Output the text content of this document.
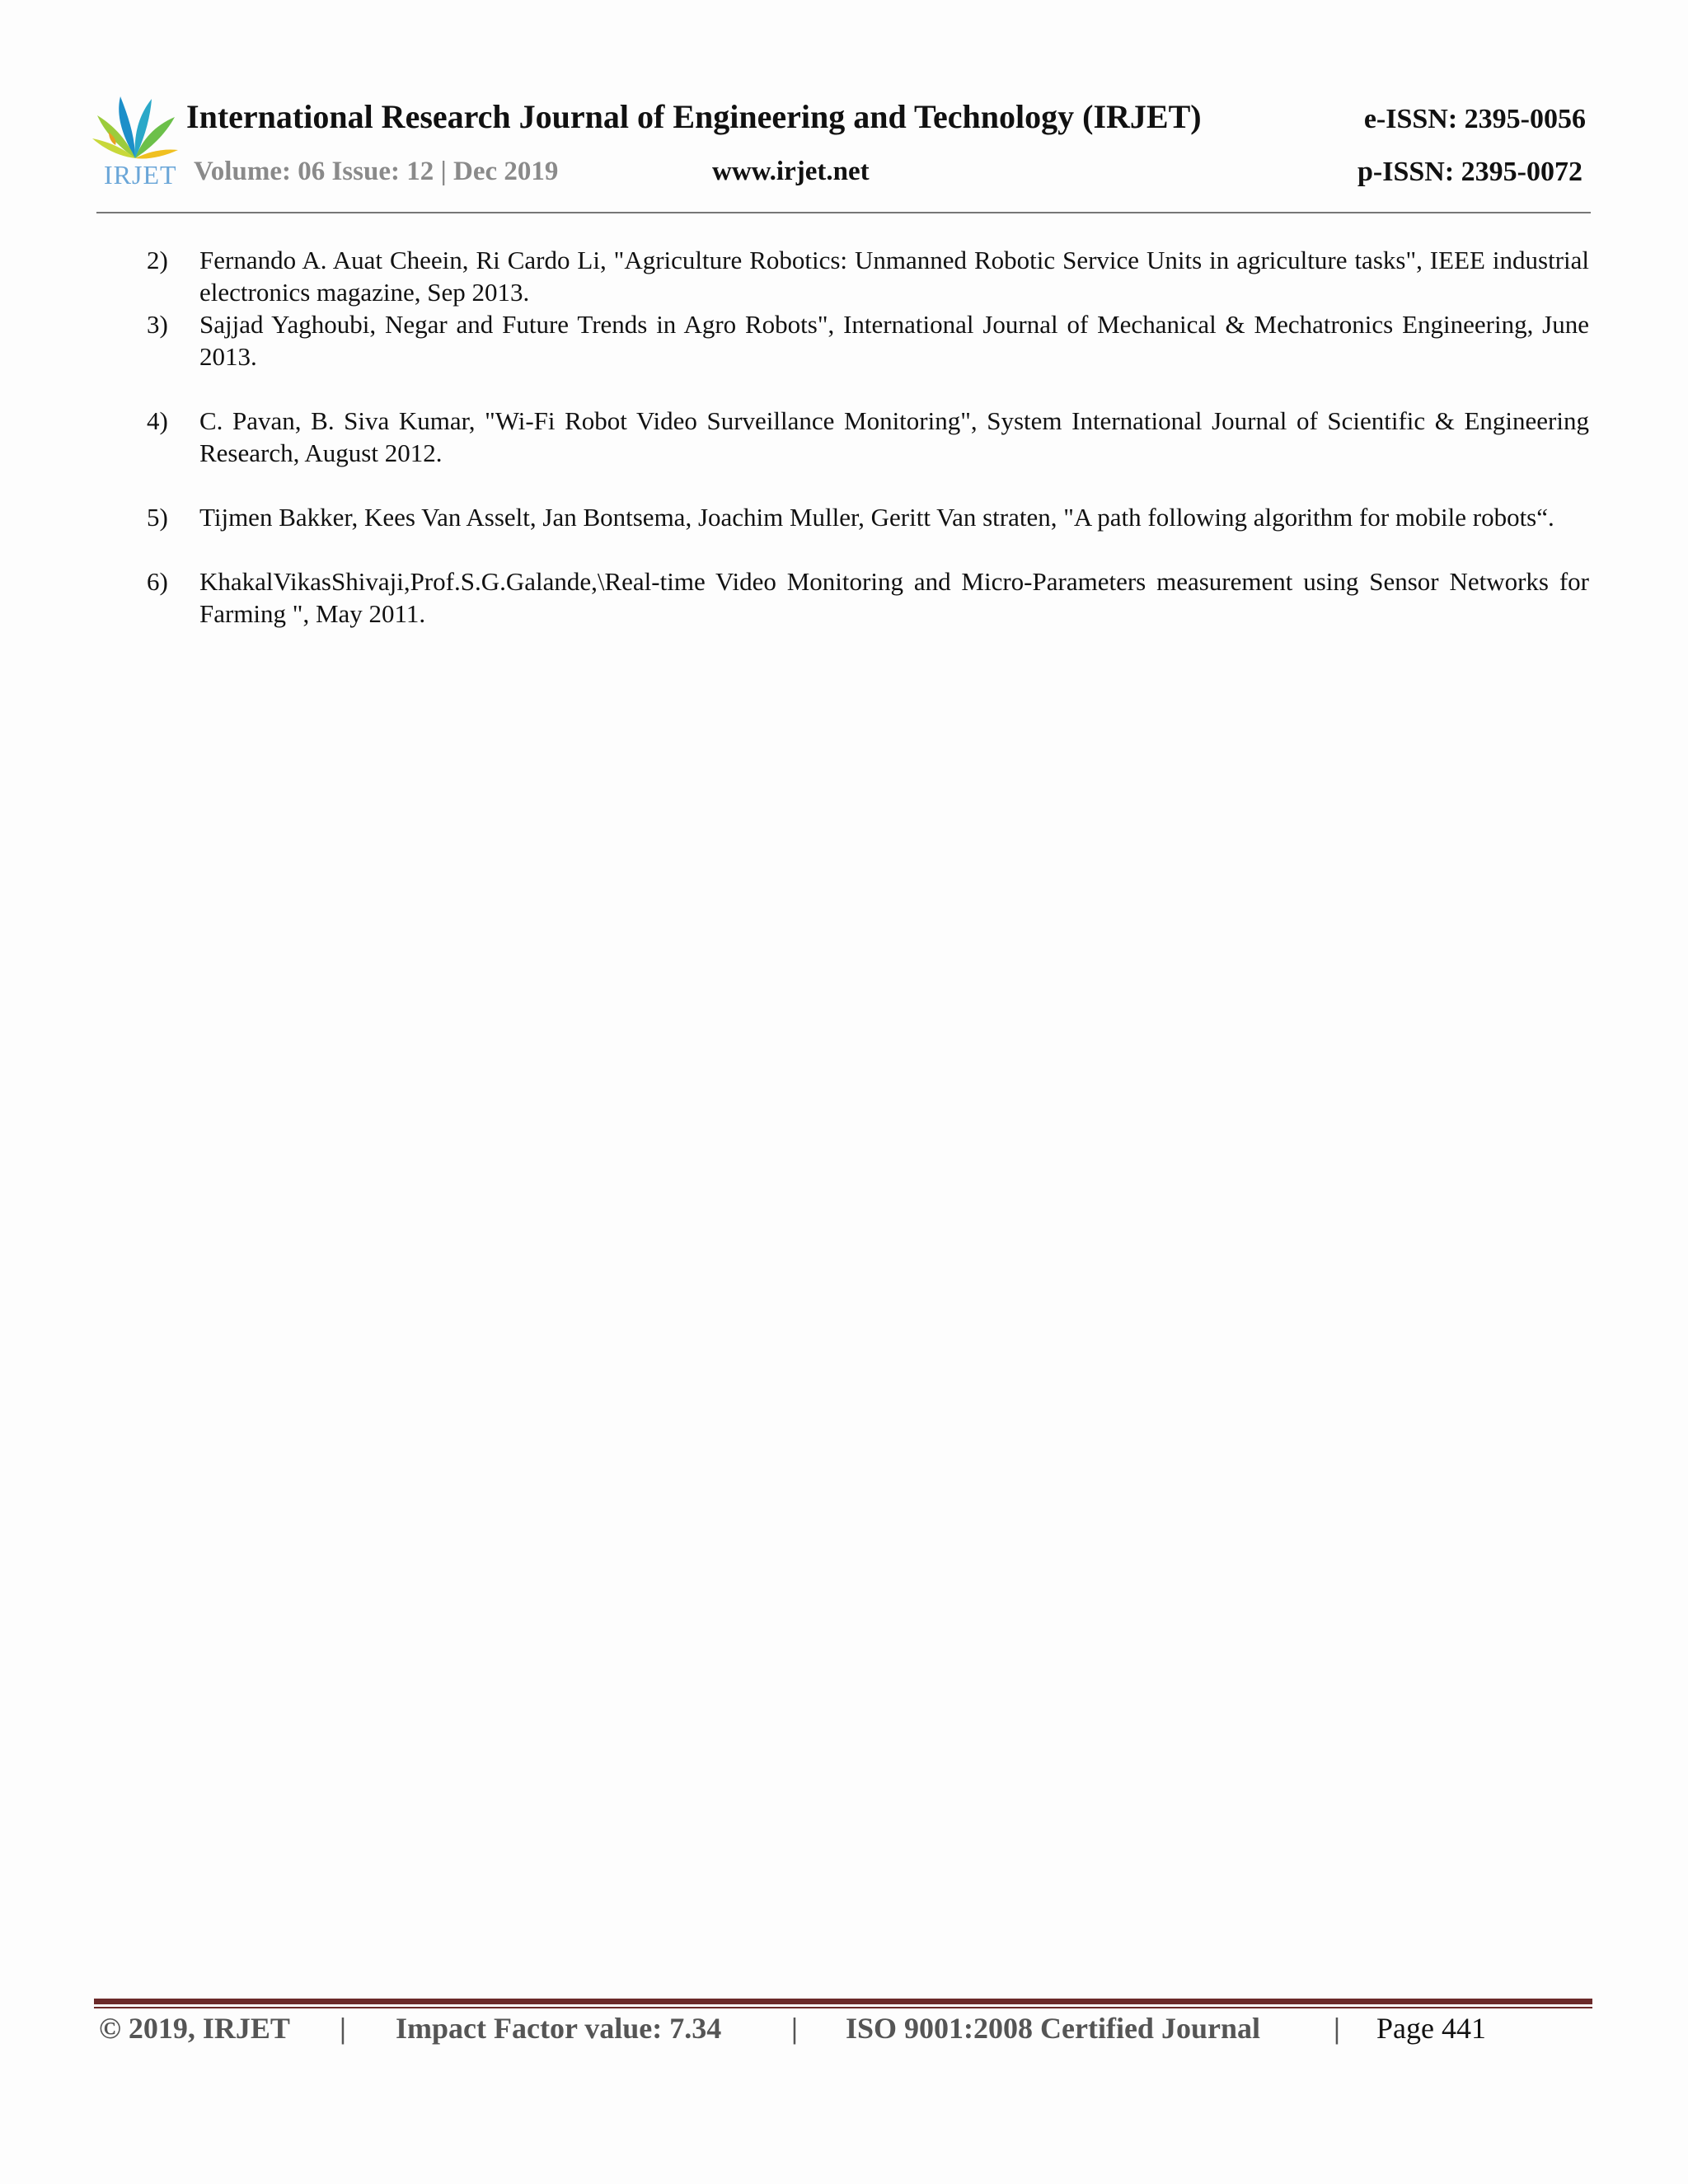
IRJET
International Research Journal of Engineering and Technology (IRJET)	e-ISSN: 2395-0056
Volume: 06 Issue: 12 | Dec 2019	www.irjet.net	p-ISSN: 2395-0072
2) Fernando A. Auat Cheein, Ri Cardo Li, "Agriculture Robotics: Unmanned Robotic Service Units in agriculture tasks", IEEE industrial electronics magazine, Sep 2013.
3) Sajjad Yaghoubi, Negar and Future Trends in Agro Robots", International Journal of Mechanical & Mechatronics Engineering, June 2013.
4) C. Pavan, B. Siva Kumar, "Wi-Fi Robot Video Surveillance Monitoring", System International Journal of Scientific & Engineering Research, August 2012.
5) Tijmen Bakker, Kees Van Asselt, Jan Bontsema, Joachim Muller, Geritt Van straten, "A path following algorithm for mobile robots“.
6) KhakalVikasShivaji,Prof.S.G.Galande,\Real-time Video Monitoring and Micro-Parameters measurement using Sensor Networks for Farming ", May 2011.
© 2019, IRJET | Impact Factor value: 7.34 | ISO 9001:2008 Certified Journal | Page 441
